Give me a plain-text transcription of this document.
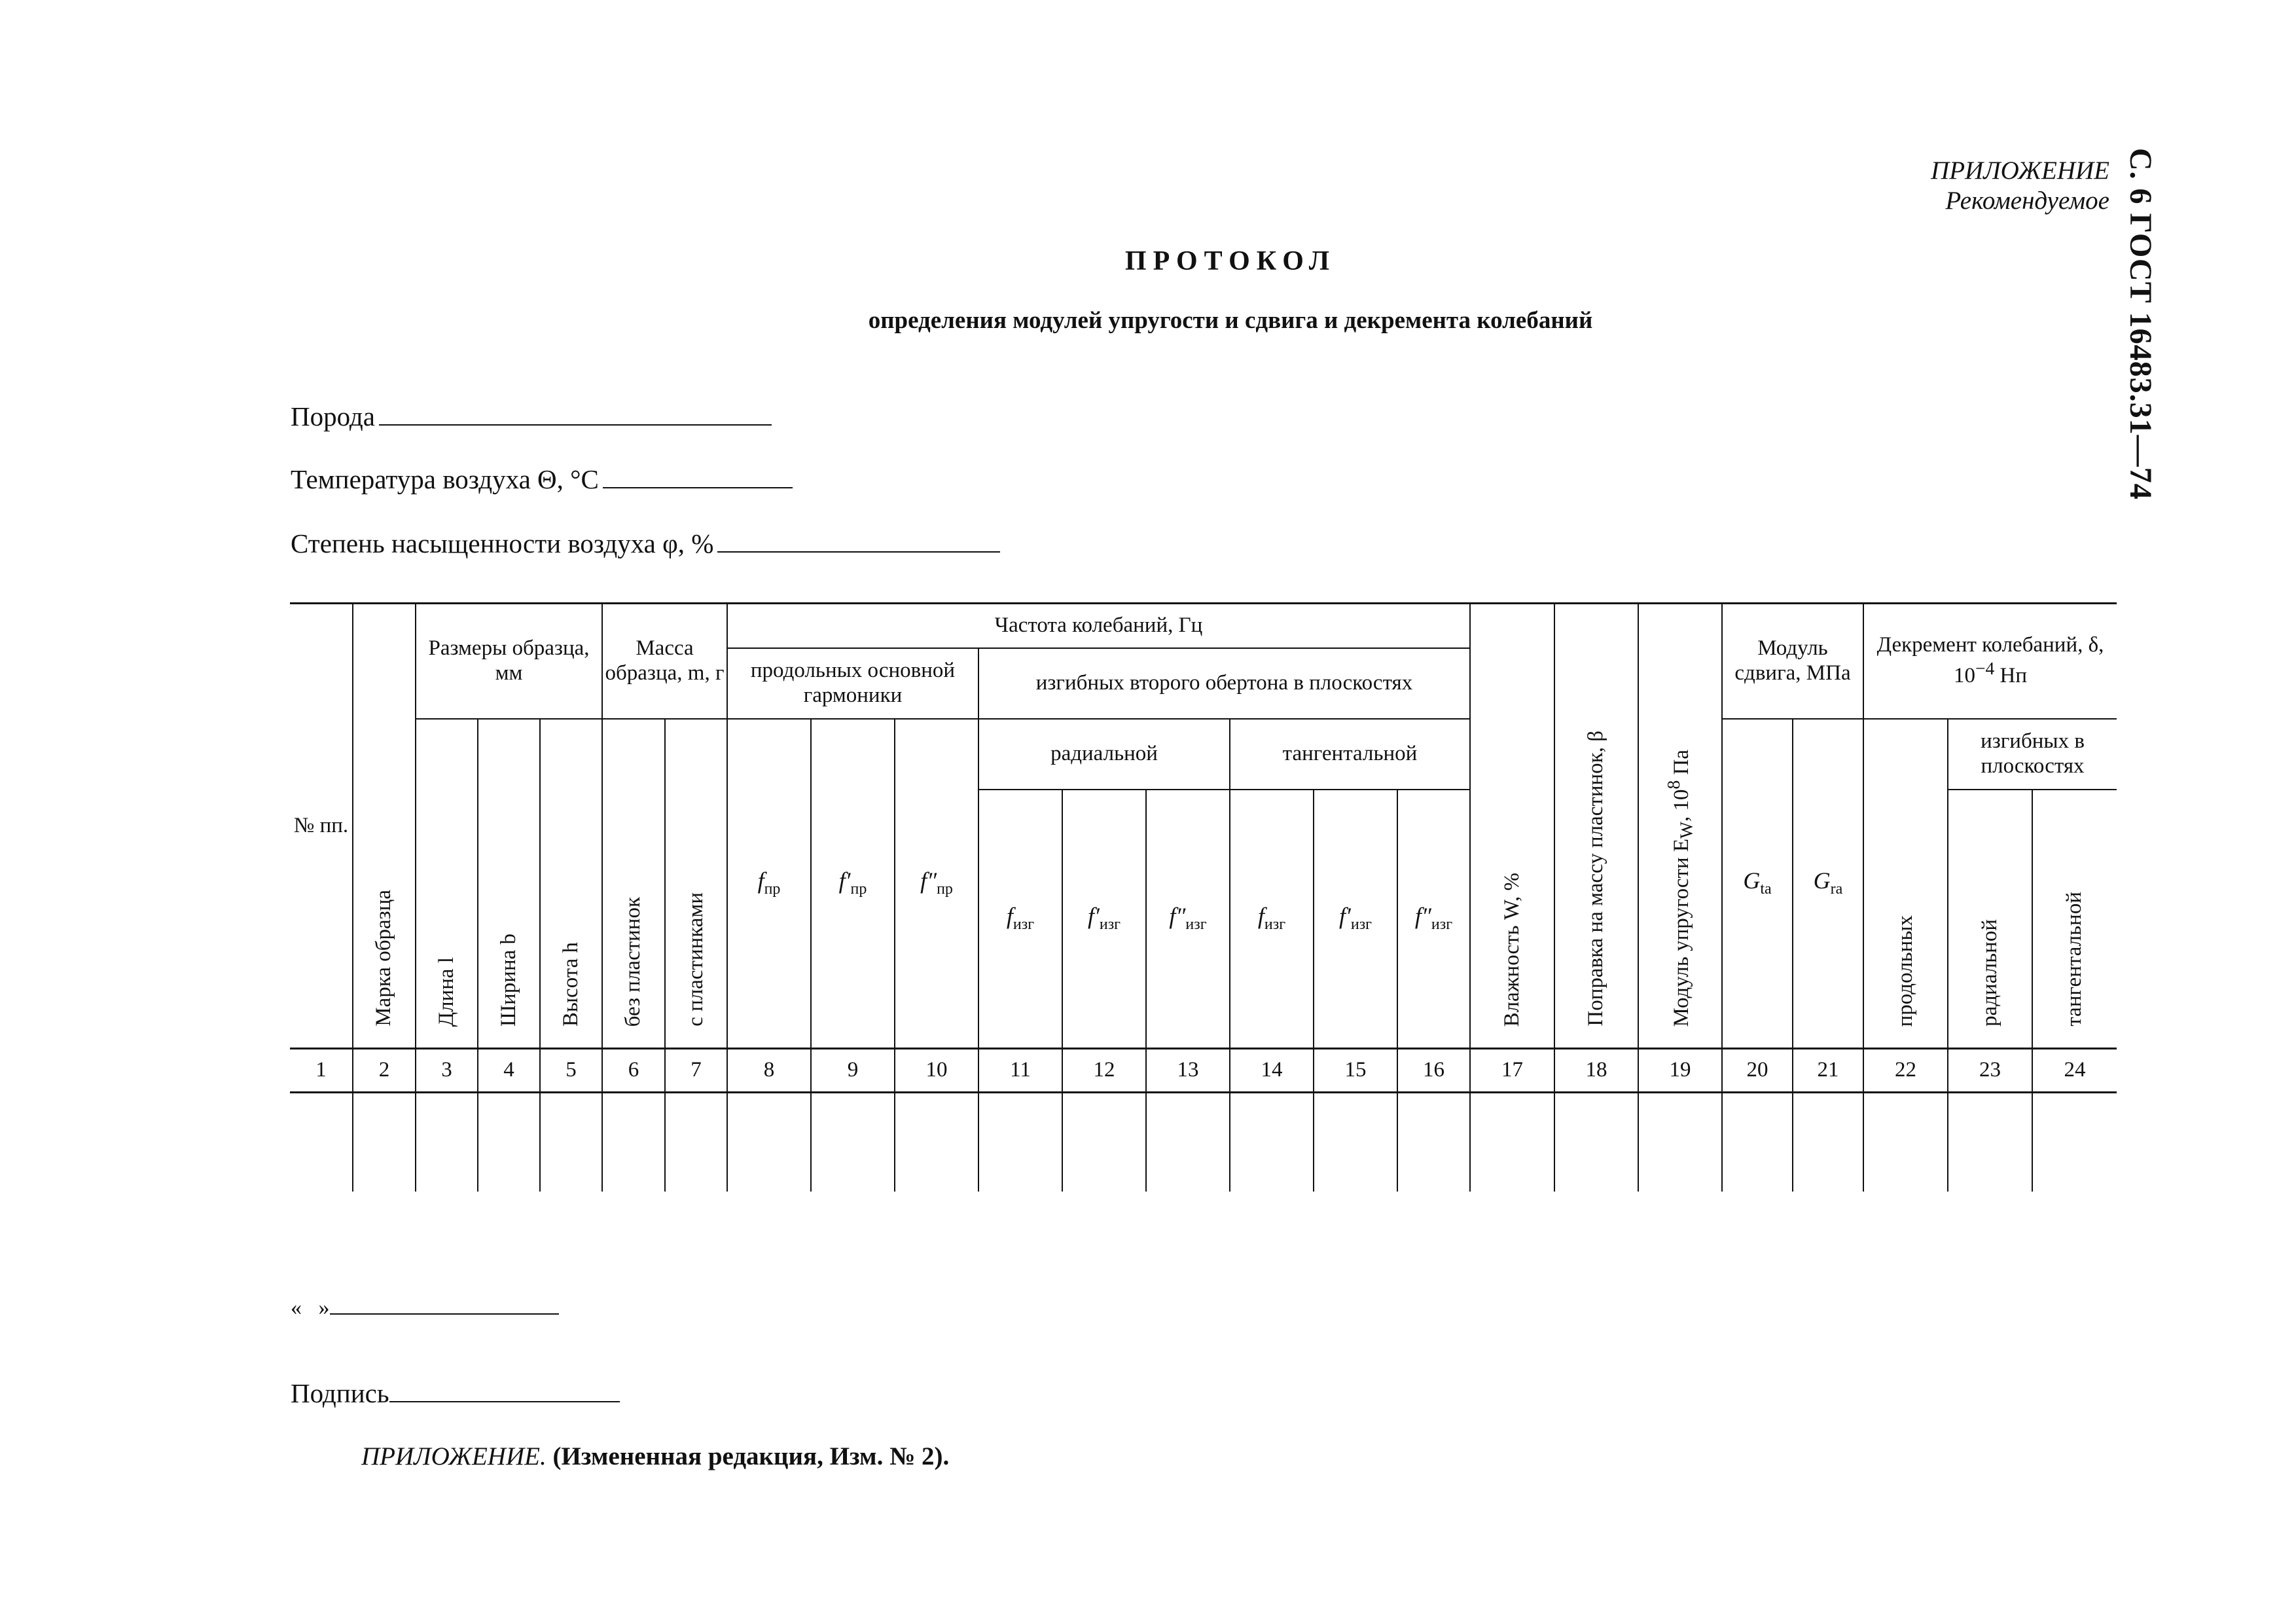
ПРИЛОЖЕНИЕ
Рекомендуемое С. 6 ГОСТ 16483.31—74
ПРОТОКОЛ
определения модулей упругости и сдвига и декремента колебаний
Порода
Температура воздуха Θ, °С
Степень насыщенности воздуха φ, %
№ пп.	Марка образца	Размеры образца, мм			Масса образца, m, г		Частота колебаний, Гц									Влажность W, %	Поправка на массу пластинок, β	Модуль упругости $E_W$, $10^8$ Па	Модуль сдвига, МПа		Декремент колебаний, δ, $10^{-4}$ Нп		
							продольных основной гармоники			изгибных второго обертона в плоскостях													
		Длина l	Ширина b	Высота h	без пластинок	с пластинками	$f_{пр}$	$f'_{пр}$	$f''_{пр}$	радиальной			тангентальной						$G_{ta}$	$G_{ra}$	продольных	изгибных в плоскостях	
										$f_{изг}$	$f'_{изг}$	$f''_{изг}$	$f_{изг}$	$f'_{изг}$	$f''_{изг}$							радиальной	тангентальной
1	2	3	4	5	6	7	8	9	10	11	12	13	14	15	16	17	18	19	20	21	22	23	24

«   »
Подпись
ПРИЛОЖЕНИЕ. (Измененная редакция, Изм. № 2).
